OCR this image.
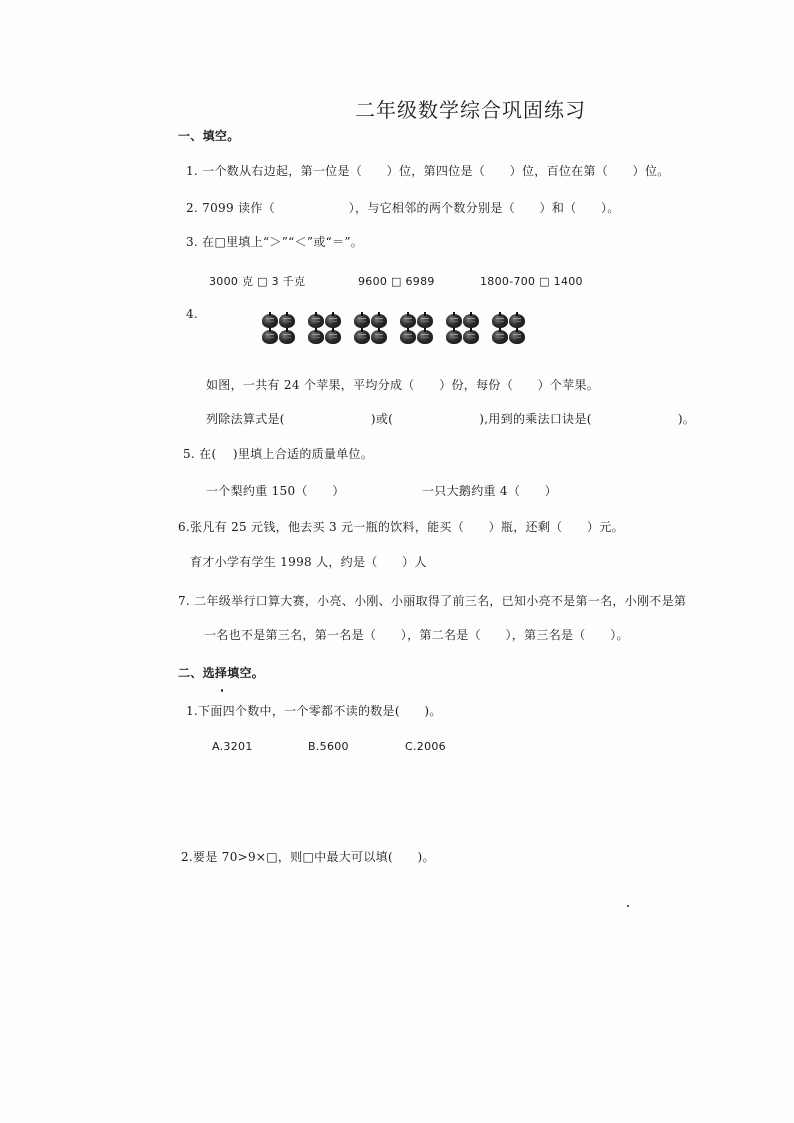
二年级数学综合巩固练习
一、填空。
1. 一个数从右边起，第一位是（　　）位，第四位是（　　）位，百位在第（　　）位。
2. 7099 读作（　　　　　　），与它相邻的两个数分别是（　　）和（　　）。
3. 在□里填上“＞”“＜”或“＝”。
3000 克 □ 3 千克	9600 □ 6989	1800-700 □ 1400
4.
如图，一共有 24 个苹果，平均分成（　　）份，每份（　　）个苹果。
列除法算式是(　　　　　　　)或(　　　　　　　),用到的乘法口诀是(　　　　　　　)。
5. 在(　 )里填上合适的质量单位。
一个梨约重 150（　　）	一只大鹅约重 4（　　）
6.张凡有 25 元钱，他去买 3 元一瓶的饮料，能买（　　）瓶，还剩（　　）元。
育才小学有学生 1998 人，约是（　　）人
7. 二年级举行口算大赛，小亮、小刚、小丽取得了前三名，已知小亮不是第一名，小刚不是第
一名也不是第三名，第一名是（　　），第二名是（　　），第三名是（　　）。
二、选择填空。
1.下面四个数中，一个零都不读的数是(　　)。
A.3201	B.5600	C.2006
2.要是 70>9×□，则□中最大可以填(　　)。
